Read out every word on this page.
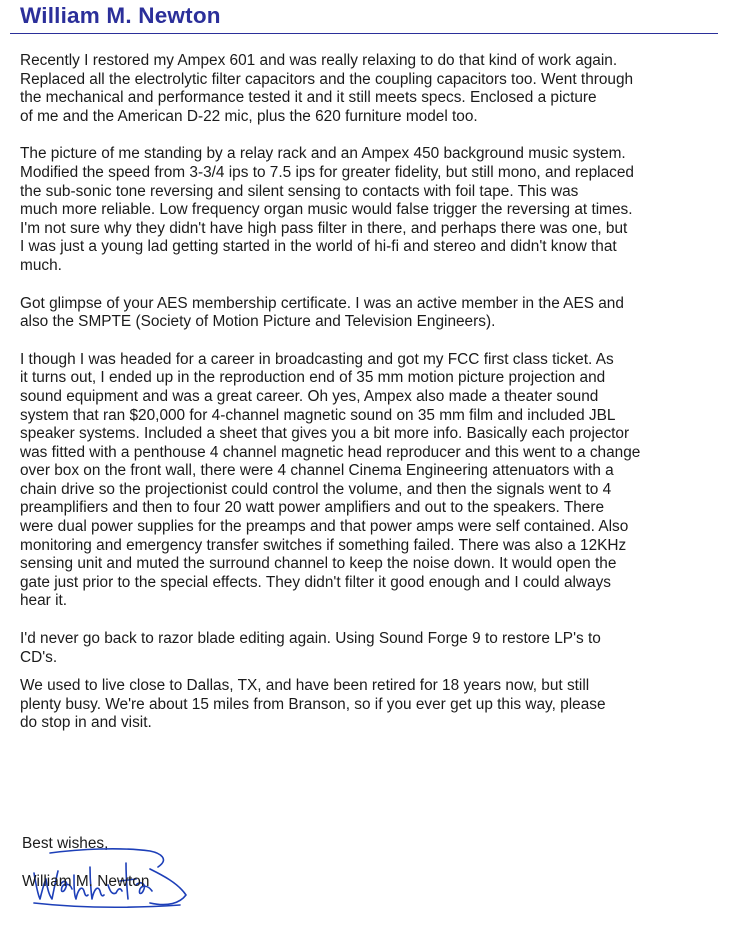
William M. Newton
Recently I restored my Ampex 601 and was really relaxing to do that kind of work again.
Replaced all the electrolytic filter capacitors and the coupling capacitors too. Went through
the mechanical and performance tested it and it still meets specs. Enclosed a picture
of me and the American D-22 mic, plus the 620 furniture model too.
The picture of me standing by a relay rack and an Ampex 450 background music system.
Modified the speed from 3-3/4 ips to 7.5 ips for greater fidelity, but still mono, and replaced
the sub-sonic tone reversing and silent sensing to contacts with foil tape. This was
much more reliable. Low frequency organ music would false trigger the reversing at times.
I'm not sure why they didn't have high pass filter in there, and perhaps there was one, but
I was just a young lad getting started in the world of hi-fi and stereo and didn't know that
much.
Got glimpse of your AES membership certificate. I was an active member in the AES and
also the SMPTE (Society of Motion Picture and Television Engineers).
I though I was headed for a career in broadcasting and got my FCC first class ticket. As
it turns out, I ended up in the reproduction end of 35 mm motion picture projection and
sound equipment and was a great career. Oh yes, Ampex also made a theater sound
system that ran $20,000 for 4-channel magnetic sound on 35 mm film and included JBL
speaker systems. Included a sheet that gives you a bit more info. Basically each projector
was fitted with a penthouse 4 channel magnetic head reproducer and this went to a change
over box on the front wall, there were 4 channel Cinema Engineering attenuators with a
chain drive so the projectionist could control the volume, and then the signals went to 4
preamplifiers and then to four 20 watt power amplifiers and out to the speakers. There
were dual power supplies for the preamps and that power amps were self contained. Also
monitoring and emergency transfer switches if something failed. There was also a 12KHz
sensing unit and muted the surround channel to keep the noise down. It would open the
gate just prior to the special effects. They didn't filter it good enough and I could always
hear it.
I'd never go back to razor blade editing again. Using Sound Forge 9 to restore LP's to
CD's.
We used to live close to Dallas, TX, and have been retired for 18 years now, but still
plenty busy. We're about 15 miles from Branson, so if you ever get up this way, please
do stop in and visit.
Best wishes,
William M. Newton
